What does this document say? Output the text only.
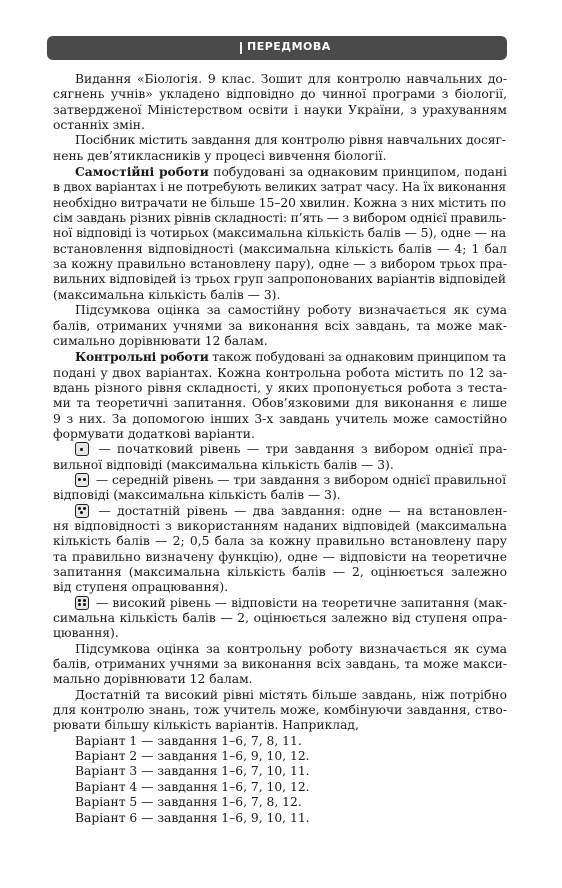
ПЕРЕДМОВА

Видання «Біологія. 9 клас. Зошит для контролю навчальних до-
сягнень учнів» укладено відповідно до чинної програми з біології,
затвердженої Міністерством освіти і науки України, з урахуванням
останніх змін.

Посібник містить завдання для контролю рівня навчальних досяг-
нень дев’ятикласників у процесі вивчення біології.

Самостійні роботи побудовані за однаковим принципом, подані
в двох варіантах і не потребують великих затрат часу. На їх виконання
необхідно витрачати не більше 15–20 хвилин. Кожна з них містить по
сім завдань різних рівнів складності: п’ять — з вибором однієї правиль-
ної відповіді із чотирьох (максимальна кількість балів — 5), одне — на
встановлення відповідності (максимальна кількість балів — 4; 1 бал
за кожну правильно встановлену пару), одне — з вибором трьох пра-
вильних відповідей із трьох груп запропонованих варіантів відповідей
(максимальна кількість балів — 3).

Підсумкова оцінка за самостійну роботу визначається як сума
балів, отриманих учнями за виконання всіх завдань, та може мак-
симально дорівнювати 12 балам.

Контрольні роботи також побудовані за однаковим принципом та
подані у двох варіантах. Кожна контрольна робота містить по 12 за-
вдань різного рівня складності, у яких пропонується робота з теста-
ми та теоретичні запитання. Обов’язковими для виконання є лише
9 з них. За допомогою інших 3-х завдань учитель може самостійно
формувати додаткові варіанти.

— початковий рівень — три завдання з вибором однієї пра-
вильної відповіді (максимальна кількість балів — 3).

— середній рівень — три завдання з вибором однієї правильної
відповіді (максимальна кількість балів — 3).

— достатній рівень — два завдання: одне — на встановлен-
ня відповідності з використанням наданих відповідей (максимальна
кількість балів — 2; 0,5 бала за кожну правильно встановлену пару
та правильно визначену функцію), одне — відповісти на теоретичне
запитання (максимальна кількість балів — 2, оцінюється залежно
від ступеня опрацювання).

— високий рівень — відповісти на теоретичне запитання (мак-
симальна кількість балів — 2, оцінюється залежно від ступеня опра-
цювання).

Підсумкова оцінка за контрольну роботу визначається як сума
балів, отриманих учнями за виконання всіх завдань, та може макси-
мально дорівнювати 12 балам.

Достатній та високий рівні містять більше завдань, ніж потрібно
для контролю знань, тож учитель може, комбінуючи завдання, ство-
рювати більшу кількість варіантів. Наприклад,

Варіант 1 — завдання 1–6, 7, 8, 11.
Варіант 2 — завдання 1–6, 9, 10, 12.
Варіант 3 — завдання 1–6, 7, 10, 11.
Варіант 4 — завдання 1–6, 7, 10, 12.
Варіант 5 — завдання 1–6, 7, 8, 12.
Варіант 6 — завдання 1–6, 9, 10, 11.
